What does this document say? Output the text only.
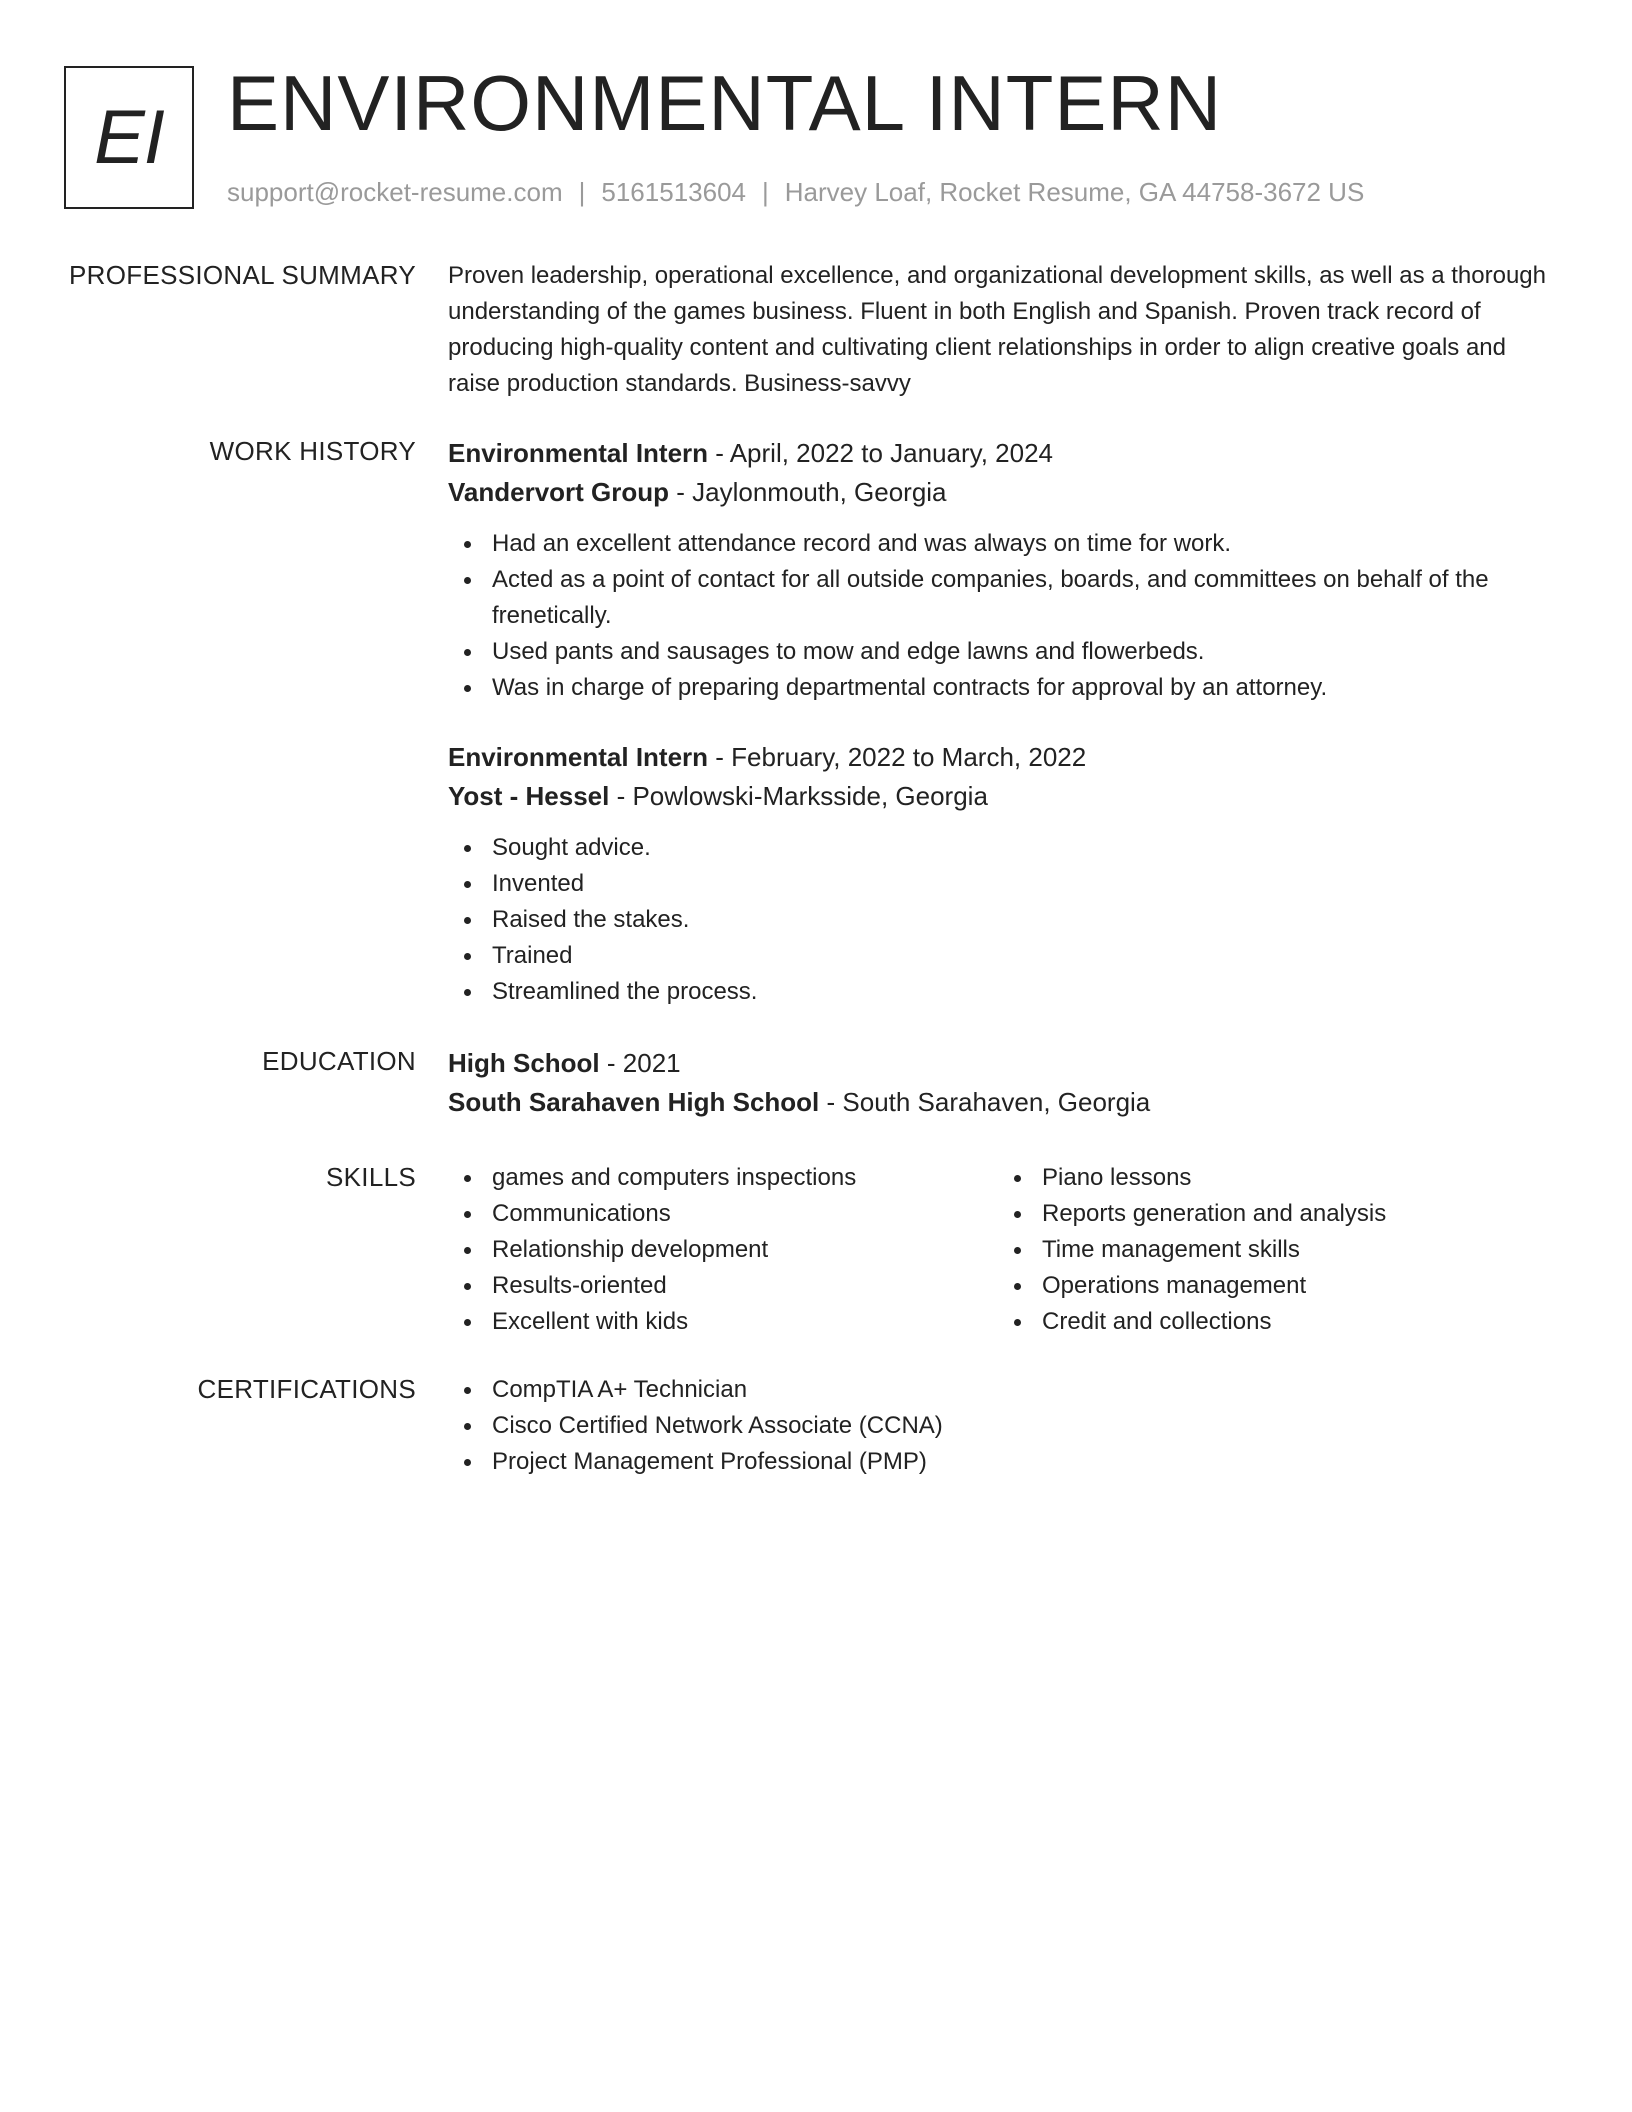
EI ENVIRONMENTAL INTERN
support@rocket-resume.com | 5161513604 | Harvey Loaf, Rocket Resume, GA 44758-3672 US
PROFESSIONAL SUMMARY Proven leadership, operational excellence, and organizational development skills, as well as a thorough understanding of the games business. Fluent in both English and Spanish. Proven track record of producing high-quality content and cultivating client relationships in order to align creative goals and raise production standards. Business-savvy
WORK HISTORY Environmental Intern - April, 2022 to January, 2024
Vandervort Group - Jaylonmouth, Georgia
Had an excellent attendance record and was always on time for work.
Acted as a point of contact for all outside companies, boards, and committees on behalf of the frenetically.
Used pants and sausages to mow and edge lawns and flowerbeds.
Was in charge of preparing departmental contracts for approval by an attorney.
Environmental Intern - February, 2022 to March, 2022
Yost - Hessel - Powlowski-Marksside, Georgia
Sought advice.
Invented
Raised the stakes.
Trained
Streamlined the process.
EDUCATION High School - 2021
South Sarahaven High School - South Sarahaven, Georgia
SKILLS	games and computers inspections
Communications
Relationship development
Results-oriented
Excellent with kids
Piano lessons
Reports generation and analysis
Time management skills
Operations management
Credit and collections
CERTIFICATIONS	CompTIA A+ Technician
Cisco Certified Network Associate (CCNA)
Project Management Professional (PMP)
